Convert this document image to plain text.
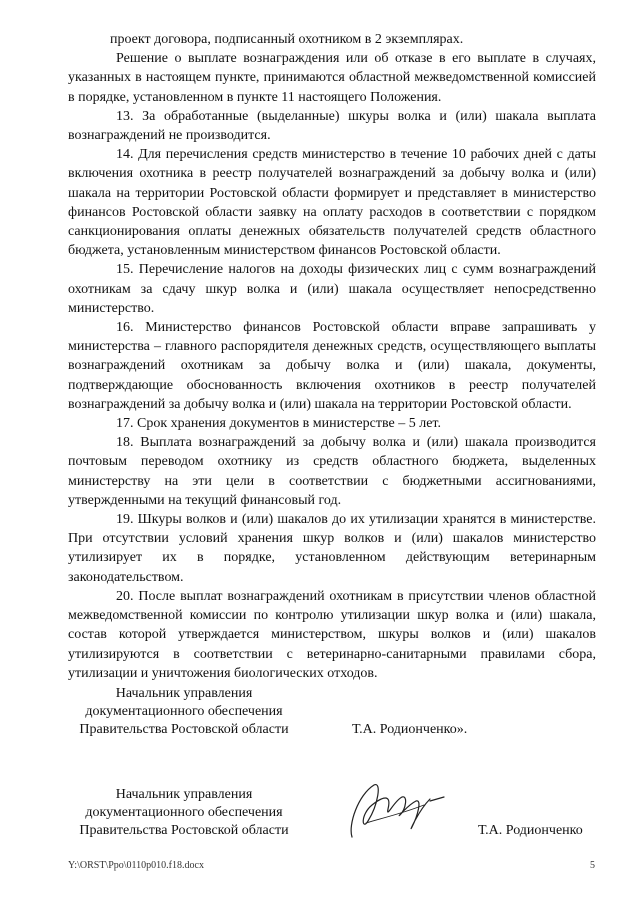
проект договора, подписанный охотником в 2 экземплярах.

Решение о выплате вознаграждения или об отказе в его выплате в случаях, указанных в настоящем пункте, принимаются областной межведомственной комиссией в порядке, установленном в пункте 11 настоящего Положения.

13. За обработанные (выделанные) шкуры волка и (или) шакала выплата вознаграждений не производится.

14. Для перечисления средств министерство в течение 10 рабочих дней с даты включения охотника в реестр получателей вознаграждений за добычу волка и (или) шакала на территории Ростовской области формирует и представляет в министерство финансов Ростовской области заявку на оплату расходов в соответствии с порядком санкционирования оплаты денежных обязательств получателей средств областного бюджета, установленным министерством финансов Ростовской области.

15. Перечисление налогов на доходы физических лиц с сумм вознаграждений охотникам за сдачу шкур волка и (или) шакала осуществляет непосредственно министерство.

16. Министерство финансов Ростовской области вправе запрашивать у министерства – главного распорядителя денежных средств, осуществляющего выплаты вознаграждений охотникам за добычу волка и (или) шакала, документы, подтверждающие обоснованность включения охотников в реестр получателей вознаграждений за добычу волка и (или) шакала на территории Ростовской области.

17. Срок хранения документов в министерстве – 5 лет.

18. Выплата вознаграждений за добычу волка и (или) шакала производится почтовым переводом охотнику из средств областного бюджета, выделенных министерству на эти цели в соответствии с бюджетными ассигнованиями, утвержденными на текущий финансовый год.

19. Шкуры волков и (или) шакалов до их утилизации хранятся в министерстве. При отсутствии условий хранения шкур волков и (или) шакалов министерство утилизирует их в порядке, установленном действующим ветеринарным законодательством.

20. После выплат вознаграждений охотникам в присутствии членов областной межведомственной комиссии по контролю утилизации шкур волка и (или) шакала, состав которой утверждается министерством, шкуры волков и (или) шакалов утилизируются в соответствии с ветеринарно-санитарными правилами сбора, утилизации и уничтожения биологических отходов.

Начальник управления
документационного обеспечения
Правительства Ростовской области	Т.А. Родионченко».
Начальник управления
документационного обеспечения
Правительства Ростовской области	Т.А. Родионченко
Y:\ORST\Ppo\0110p010.f18.docx	5
